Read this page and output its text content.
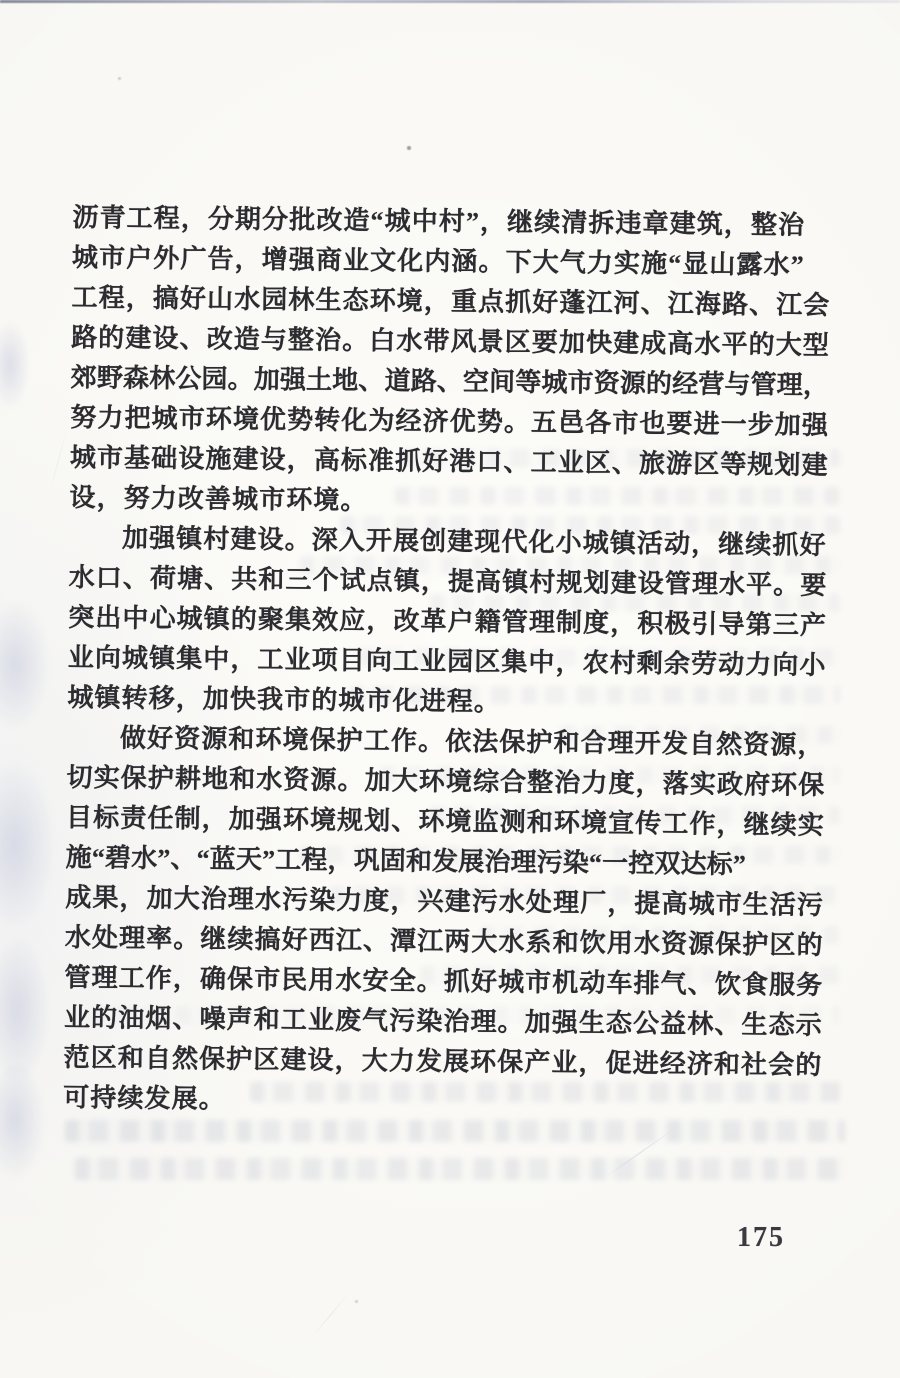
沥青工程，分期分批改造“城中村”，继续清拆违章建筑，整治
城市户外广告，增强商业文化内涵。下大气力实施“显山露水”
工程，搞好山水园林生态环境，重点抓好蓬江河、江海路、江会
路的建设、改造与整治。白水带风景区要加快建成高水平的大型
郊野森林公园。加强土地、道路、空间等城市资源的经营与管理，
努力把城市环境优势转化为经济优势。五邑各市也要进一步加强
城市基础设施建设，高标准抓好港口、工业区、旅游区等规划建
设，努力改善城市环境。
加强镇村建设。深入开展创建现代化小城镇活动，继续抓好
水口、荷塘、共和三个试点镇，提高镇村规划建设管理水平。要
突出中心城镇的聚集效应，改革户籍管理制度，积极引导第三产
业向城镇集中，工业项目向工业园区集中，农村剩余劳动力向小
城镇转移，加快我市的城市化进程。
做好资源和环境保护工作。依法保护和合理开发自然资源，
切实保护耕地和水资源。加大环境综合整治力度，落实政府环保
目标责任制，加强环境规划、环境监测和环境宣传工作，继续实
施“碧水”、“蓝天”工程，巩固和发展治理污染“一控双达标”
成果，加大治理水污染力度，兴建污水处理厂，提高城市生活污
水处理率。继续搞好西江、潭江两大水系和饮用水资源保护区的
管理工作，确保市民用水安全。抓好城市机动车排气、饮食服务
业的油烟、噪声和工业废气污染治理。加强生态公益林、生态示
范区和自然保护区建设，大力发展环保产业，促进经济和社会的
可持续发展。
175
